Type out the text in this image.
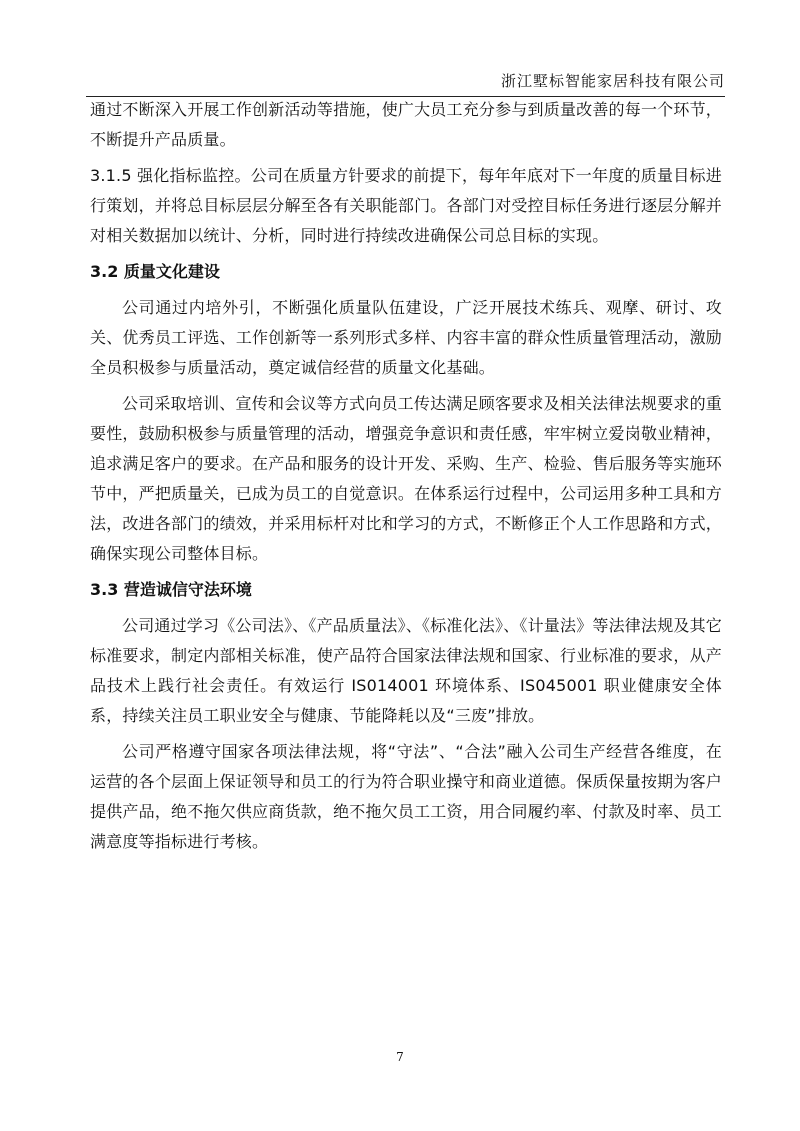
浙江墅标智能家居科技有限公司

通过不断深入开展工作创新活动等措施，使广大员工充分参与到质量改善的每一个环节，不断提升产品质量。

3.1.5 强化指标监控。公司在质量方针要求的前提下，每年年底对下一年度的质量目标进行策划，并将总目标层层分解至各有关职能部门。各部门对受控目标任务进行逐层分解并对相关数据加以统计、分析，同时进行持续改进确保公司总目标的实现。

3.2 质量文化建设

公司通过内培外引，不断强化质量队伍建设，广泛开展技术练兵、观摩、研讨、攻关、优秀员工评选、工作创新等一系列形式多样、内容丰富的群众性质量管理活动，激励全员积极参与质量活动，奠定诚信经营的质量文化基础。

公司采取培训、宣传和会议等方式向员工传达满足顾客要求及相关法律法规要求的重要性，鼓励积极参与质量管理的活动，增强竞争意识和责任感，牢牢树立爱岗敬业精神，追求满足客户的要求。在产品和服务的设计开发、采购、生产、检验、售后服务等实施环节中，严把质量关，已成为员工的自觉意识。在体系运行过程中，公司运用多种工具和方法，改进各部门的绩效，并采用标杆对比和学习的方式，不断修正个人工作思路和方式，确保实现公司整体目标。

3.3 营造诚信守法环境

公司通过学习《公司法》、《产品质量法》、《标准化法》、《计量法》等法律法规及其它标准要求，制定内部相关标准，使产品符合国家法律法规和国家、行业标准的要求，从产品技术上践行社会责任。有效运行 IS014001 环境体系、IS045001 职业健康安全体系，持续关注员工职业安全与健康、节能降耗以及“三废”排放。

公司严格遵守国家各项法律法规，将“守法”、“合法”融入公司生产经营各维度，在运营的各个层面上保证领导和员工的行为符合职业操守和商业道德。保质保量按期为客户提供产品，绝不拖欠供应商货款，绝不拖欠员工工资，用合同履约率、付款及时率、员工满意度等指标进行考核。

7
